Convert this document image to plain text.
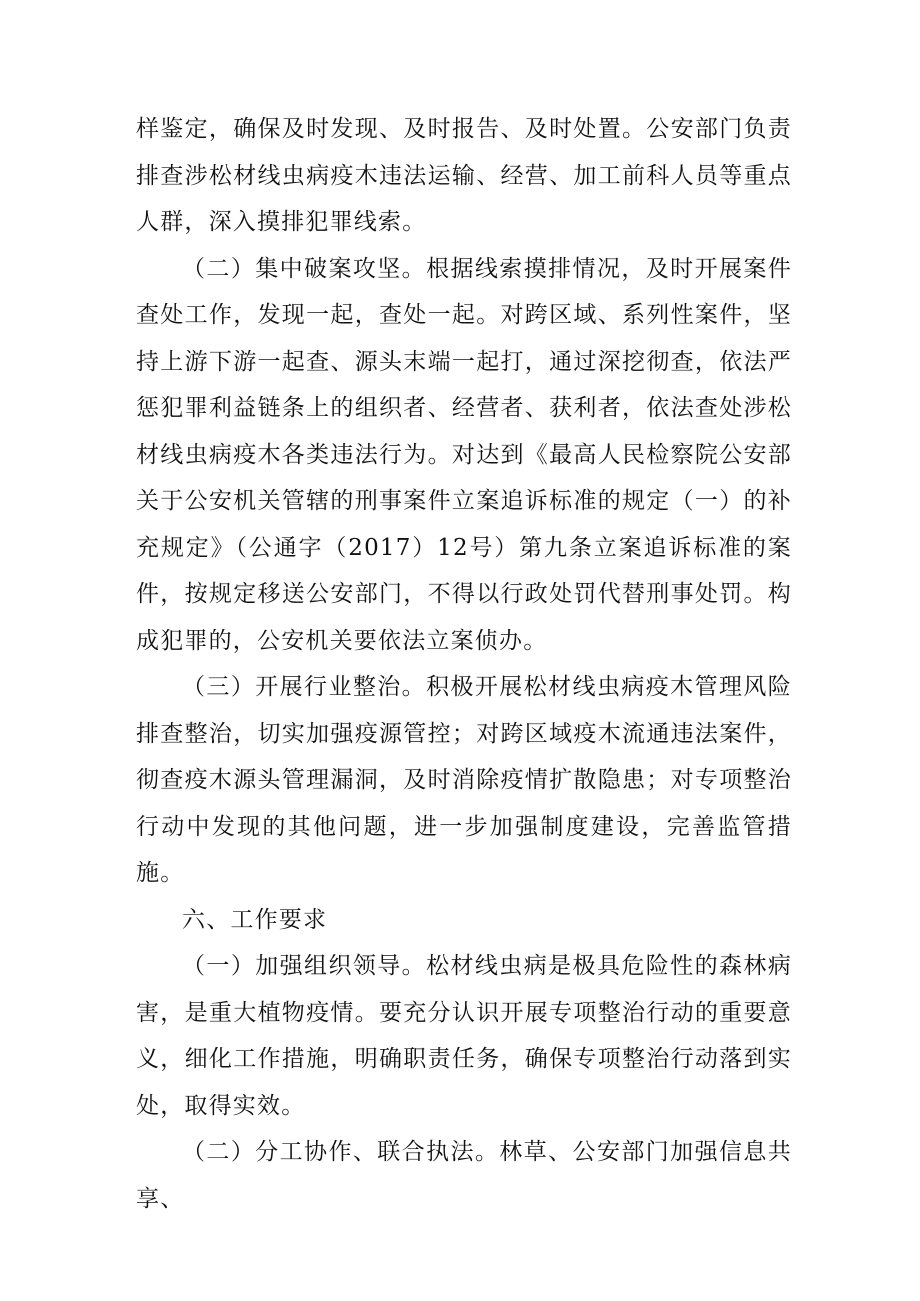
样鉴定，确保及时发现、及时报告、及时处置。公安部门负责排查涉松材线虫病疫木违法运输、经营、加工前科人员等重点人群，深入摸排犯罪线索。

（二）集中破案攻坚。根据线索摸排情况，及时开展案件查处工作，发现一起，查处一起。对跨区域、系列性案件，坚持上游下游一起查、源头末端一起打，通过深挖彻查，依法严惩犯罪利益链条上的组织者、经营者、获利者，依法查处涉松材线虫病疫木各类违法行为。对达到《最高人民检察院公安部关于公安机关管辖的刑事案件立案追诉标准的规定（一）的补充规定》（公通字（2017）12号）第九条立案追诉标准的案件，按规定移送公安部门，不得以行政处罚代替刑事处罚。构成犯罪的，公安机关要依法立案侦办。

（三）开展行业整治。积极开展松材线虫病疫木管理风险排查整治，切实加强疫源管控；对跨区域疫木流通违法案件，彻查疫木源头管理漏洞，及时消除疫情扩散隐患；对专项整治行动中发现的其他问题，进一步加强制度建设，完善监管措施。

六、工作要求

（一）加强组织领导。松材线虫病是极具危险性的森林病害，是重大植物疫情。要充分认识开展专项整治行动的重要意义，细化工作措施，明确职责任务，确保专项整治行动落到实处，取得实效。

（二）分工协作、联合执法。林草、公安部门加强信息共享、
